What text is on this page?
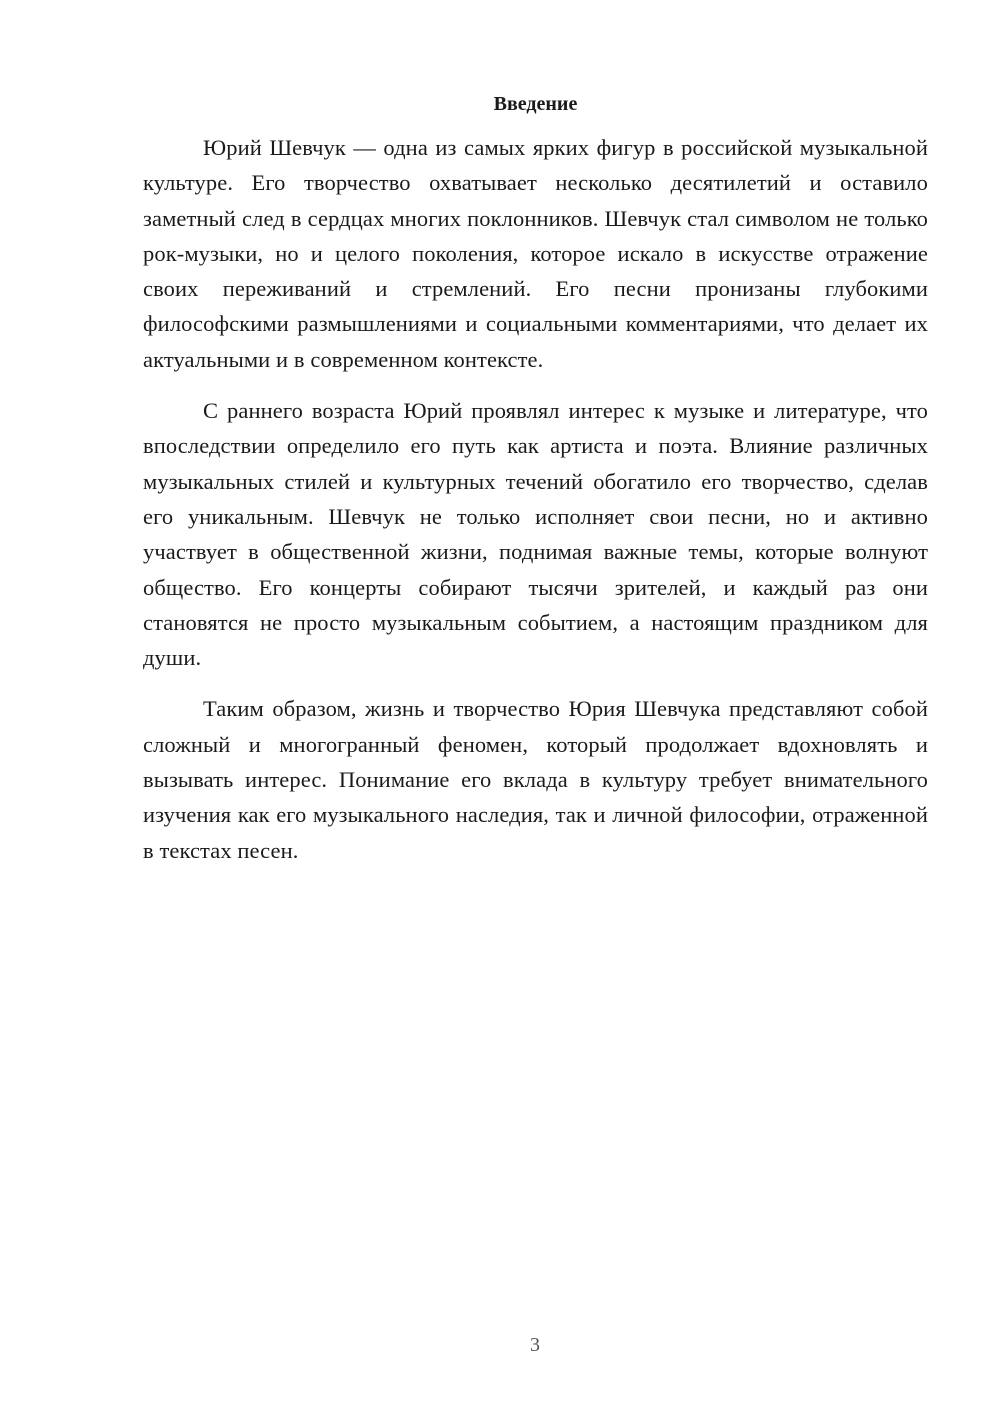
Введение

Юрий Шевчук — одна из самых ярких фигур в российской музыкальной культуре. Его творчество охватывает несколько десятилетий и оставило заметный след в сердцах многих поклонников. Шевчук стал символом не только рок-музыки, но и целого поколения, которое искало в искусстве отражение своих переживаний и стремлений. Его песни пронизаны глубокими философскими размышлениями и социальными комментариями, что делает их актуальными и в современном контексте.

С раннего возраста Юрий проявлял интерес к музыке и литературе, что впоследствии определило его путь как артиста и поэта. Влияние различных музыкальных стилей и культурных течений обогатило его творчество, сделав его уникальным. Шевчук не только исполняет свои песни, но и активно участвует в общественной жизни, поднимая важные темы, которые волнуют общество. Его концерты собирают тысячи зрителей, и каждый раз они становятся не просто музыкальным событием, а настоящим праздником для души.

Таким образом, жизнь и творчество Юрия Шевчука представляют собой сложный и многогранный феномен, который продолжает вдохновлять и вызывать интерес. Понимание его вклада в культуру требует внимательного изучения как его музыкального наследия, так и личной философии, отраженной в текстах песен.

3
